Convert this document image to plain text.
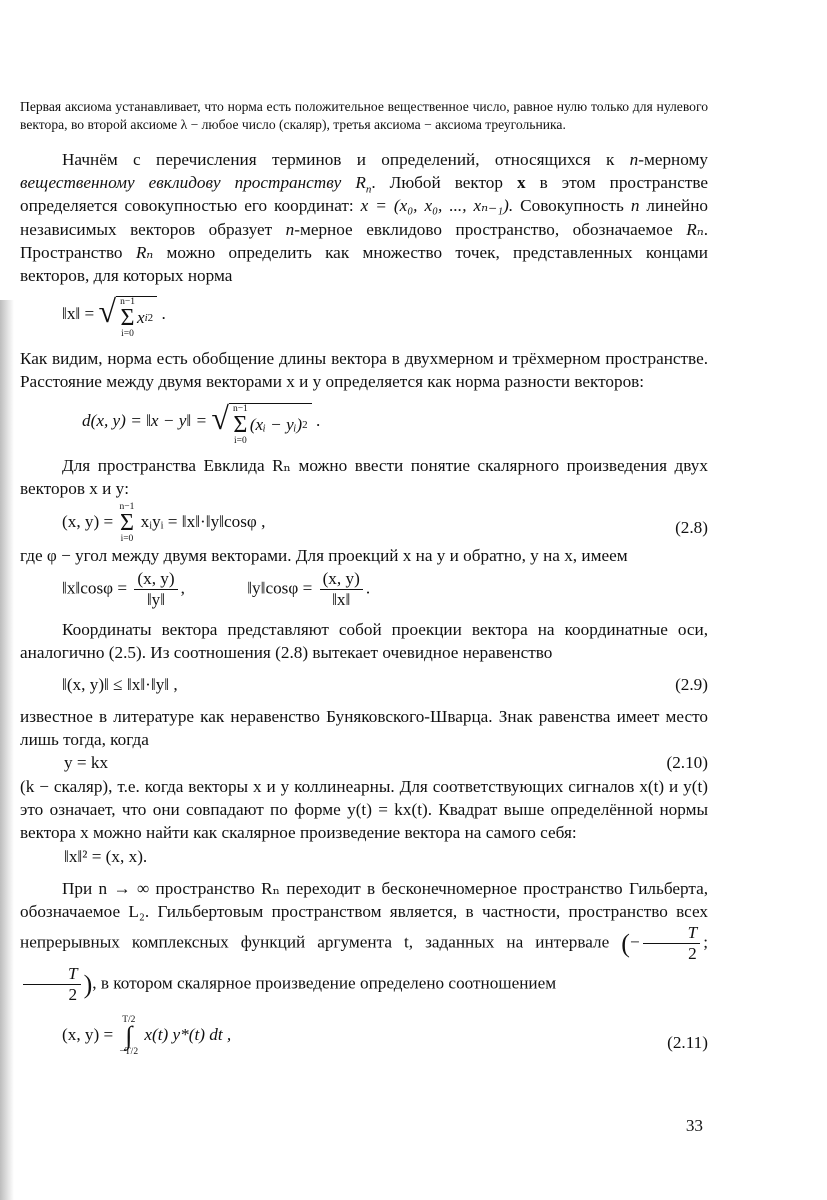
Первая аксиома устанавливает, что норма есть положительное вещественное число, равное нулю только для нулевого вектора, во второй аксиоме λ − любое число (скаляр), третья аксиома − аксиома треугольника.

Начнём с перечисления терминов и определений, относящихся к n-мерному вещественному евклидову пространству $R_n$. Любой вектор x в этом пространстве определяется совокупностью его координат: x = (x₀, x₀, ..., xₙ₋₁). Совокупность n линейно независимых векторов образует n-мерное евклидово пространство, обозначаемое Rₙ. Пространство Rₙ можно определить как множество точек, представленных концами векторов, для которых норма

‖x‖ = √ n−1
Σ
i=0
x i 2 .

Как видим, норма есть обобщение длины вектора в двухмерном и трёхмерном пространстве. Расстояние между двумя векторами x и y определяется как норма разности векторов:

d(x, y) = ‖x − y‖ = √ n−1
Σ
i=0
(xᵢ − yᵢ) 2 .

Для пространства Евклида Rₙ можно ввести понятие скалярного произведения двух векторов x и y:

(x, y) =
n−1
Σ
i=0
xᵢyᵢ = ‖x‖·‖y‖cosφ ,	(2.8)

где φ − угол между двумя векторами. Для проекций x на y и обратно, y на x, имеем

‖x‖cosφ = $\frac{(x, y)}{‖y‖}$ ,	‖y‖cosφ = $\frac{(x, y)}{‖x‖}$ .

Координаты вектора представляют собой проекции вектора на координатные оси, аналогично (2.5). Из соотношения (2.8) вытекает очевидное неравенство

‖(x, y)‖ ≤ ‖x‖·‖y‖ ,	(2.9)

известное в литературе как неравенство Буняковского-Шварца. Знак равенства имеет место лишь тогда, когда

y = kx	(2.10)

(k − скаляр), т.е. когда векторы x и y коллинеарны. Для соответствующих сигналов x(t) и y(t) это означает, что они совпадают по форме y(t) = kx(t). Квадрат выше определённой нормы вектора x можно найти как скалярное произведение вектора на самого себя:

‖x‖² = (x, x).

При n → ∞ пространство Rₙ переходит в бесконечномерное пространство Гильберта, обозначаемое L₂. Гильбертовым пространством является, в частности, пространство всех непрерывных комплексных функций аргумента t, заданных на интервале (− $\frac{T}{2}$ ;
$\frac{T}{2}$ ), в котором скалярное произведение определено соотношением

(x, y) =
T/2
∫
−T/2
x(t) y*(t) dt ,	(2.11)
33
